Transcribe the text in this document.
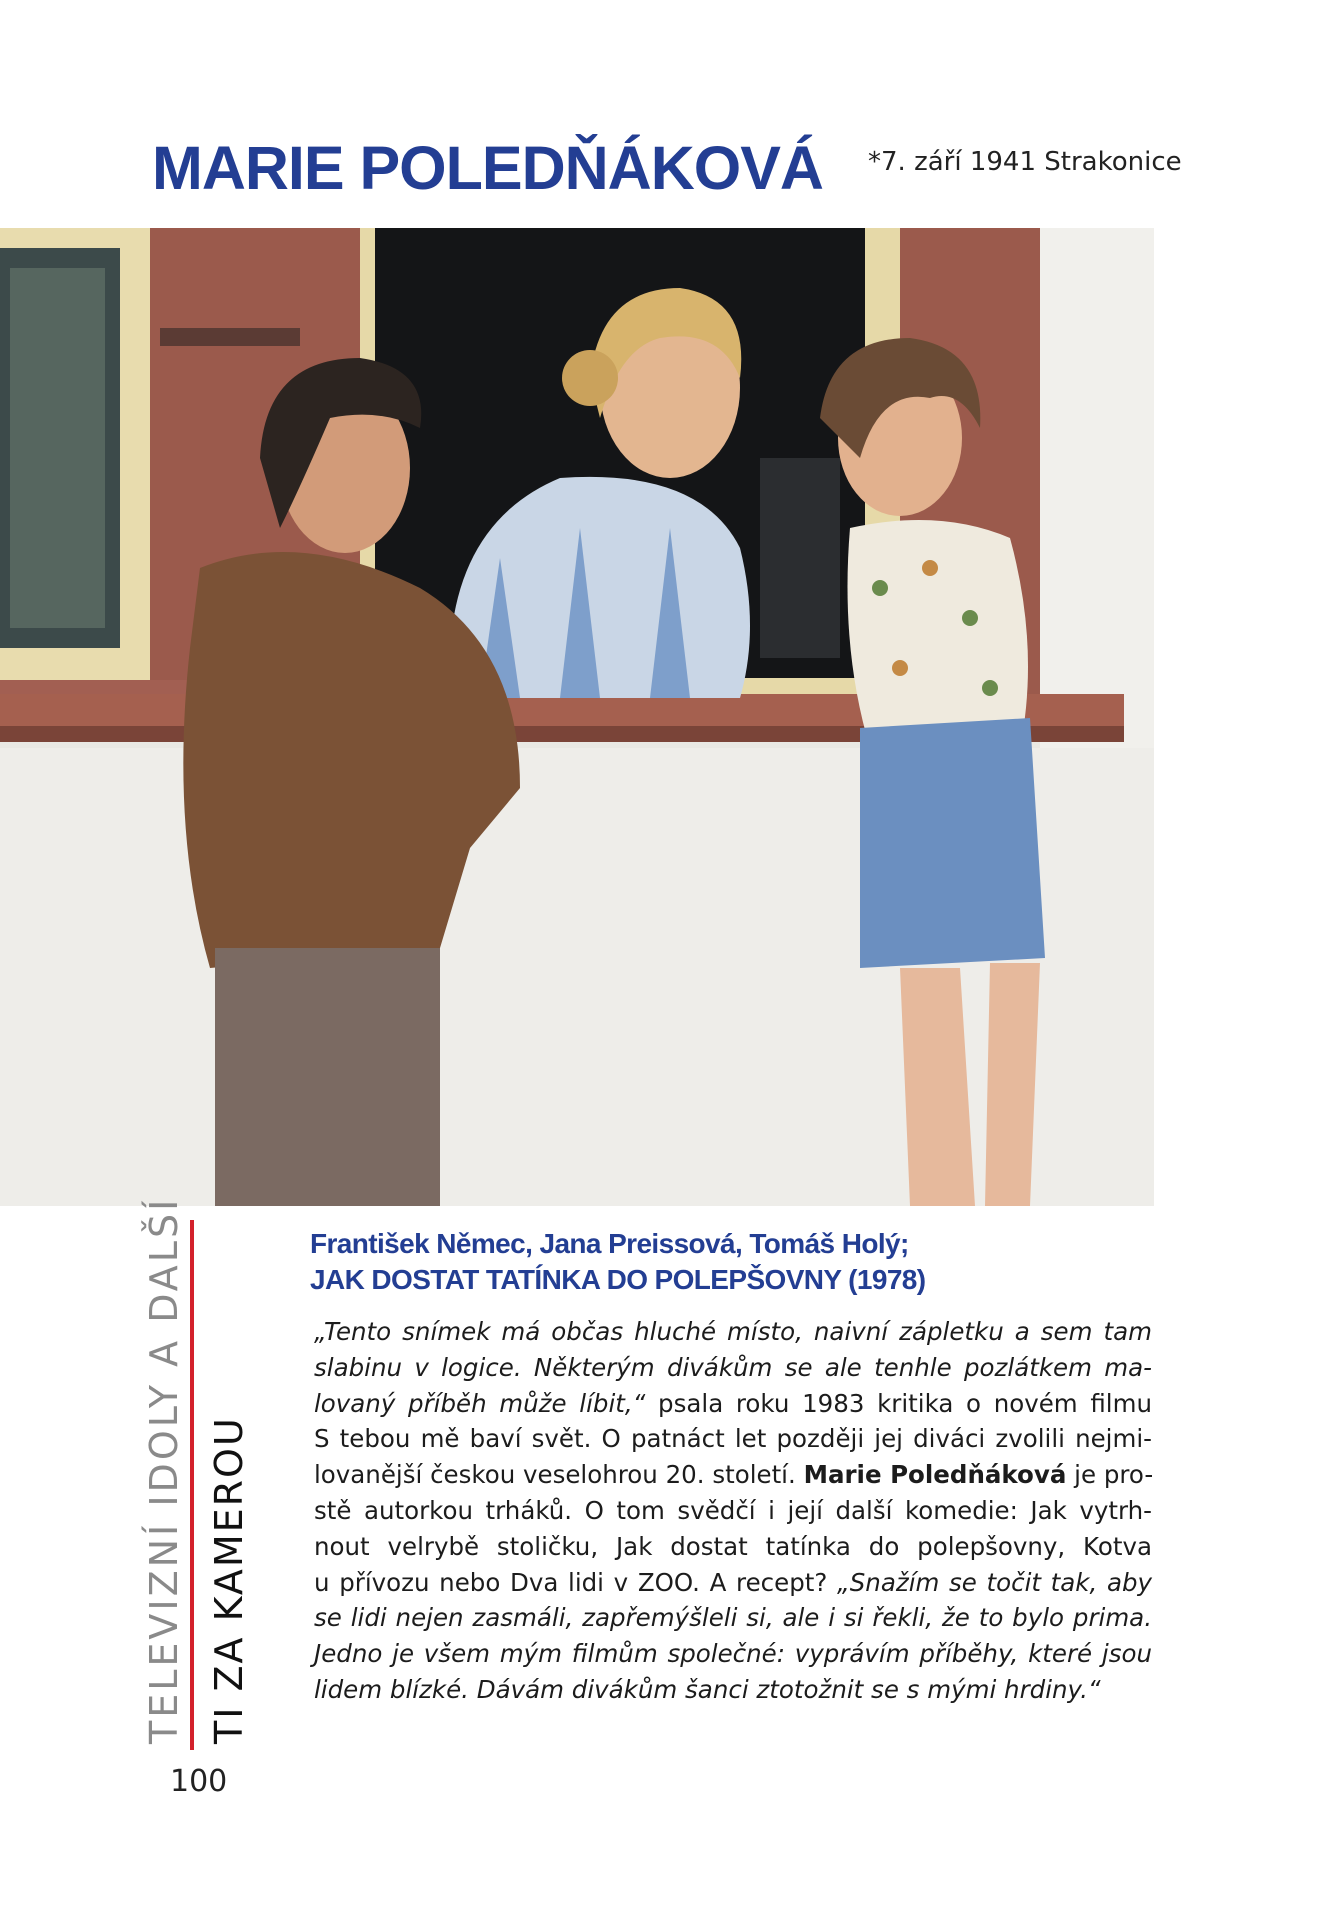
MARIE POLEDŇÁKOVÁ *7. září 1941 Strakonice
TELEVIZNÍ IDOLY A DALŠÍ TI ZA KAMEROU
100
František Němec, Jana Preissová, Tomáš Holý;
JAK DOSTAT TATÍNKA DO POLEPŠOVNY (1978)
„Tento snímek má občas hluché místo, naivní zápletku a sem tam
slabinu v logice. Některým divákům se ale tenhle pozlátkem ma-
lovaný příběh může líbit,“ psala roku 1983 kritika o novém filmu
S tebou mě baví svět. O patnáct let později jej diváci zvolili nejmi-
lovanější českou veselohrou 20. století. Marie Poledňáková je pro-
stě autorkou trháků. O tom svědčí i její další komedie: Jak vytrh-
nout velrybě stoličku, Jak dostat tatínka do polepšovny, Kotva
u přívozu nebo Dva lidi v ZOO. A recept? „Snažím se točit tak, aby
se lidi nejen zasmáli, zapřemýšleli si, ale i si řekli, že to bylo prima.
Jedno je všem mým filmům společné: vyprávím příběhy, které jsou
lidem blízké. Dávám divákům šanci ztotožnit se s mými hrdiny.“
